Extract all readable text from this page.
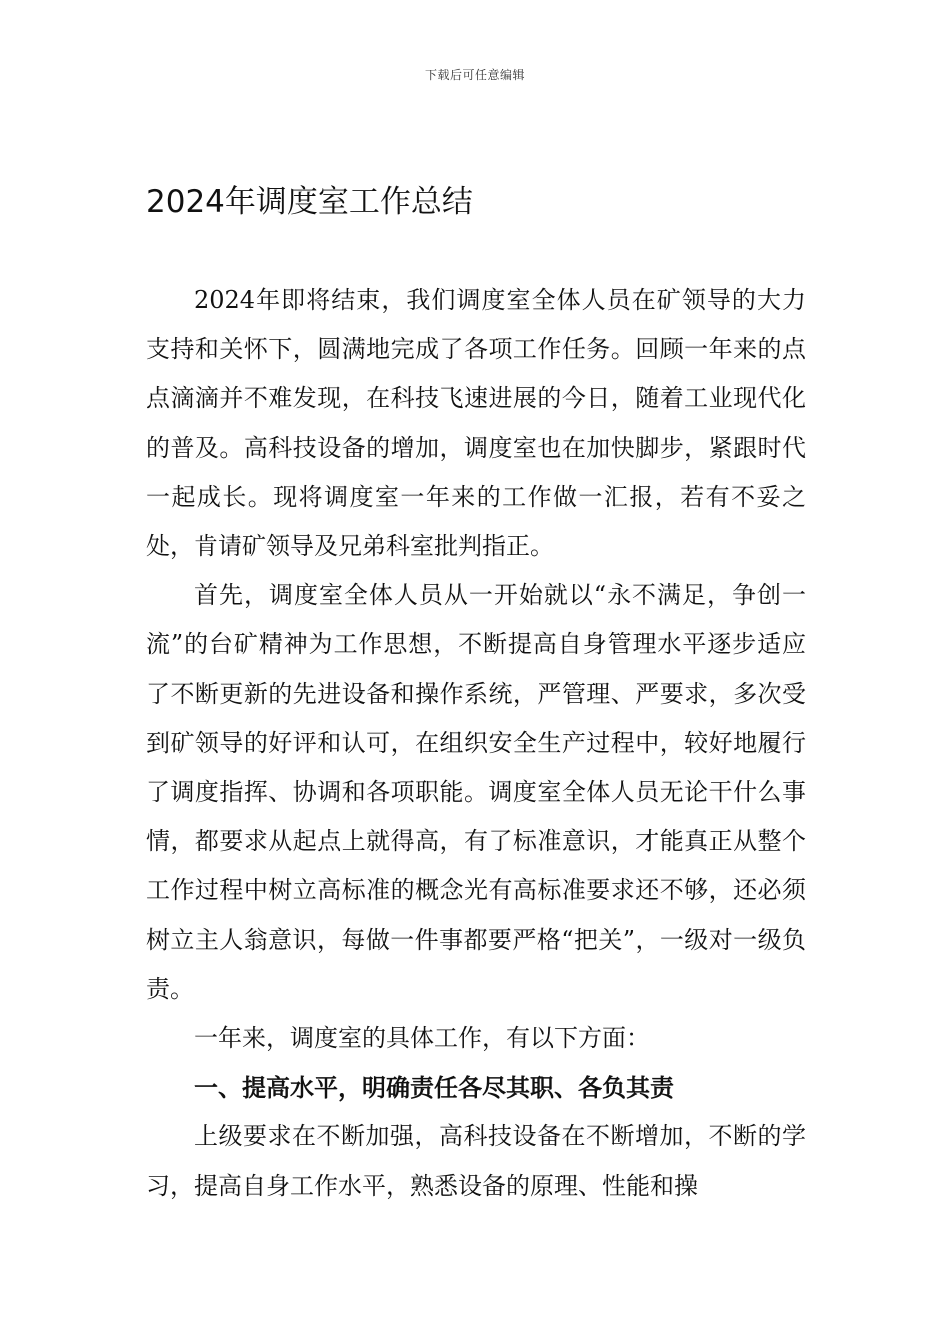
下载后可任意编辑
2024年调度室工作总结

2024年即将结束，我们调度室全体人员在矿领导的大力支持和关怀下，圆满地完成了各项工作任务。回顾一年来的点点滴滴并不难发现，在科技飞速进展的今日，随着工业现代化的普及。高科技设备的增加，调度室也在加快脚步，紧跟时代一起成长。现将调度室一年来的工作做一汇报，若有不妥之处，肯请矿领导及兄弟科室批判指正。

首先，调度室全体人员从一开始就以“永不满足，争创一流”的台矿精神为工作思想，不断提高自身管理水平逐步适应了不断更新的先进设备和操作系统，严管理、严要求，多次受到矿领导的好评和认可，在组织安全生产过程中，较好地履行了调度指挥、协调和各项职能。调度室全体人员无论干什么事情，都要求从起点上就得高，有了标准意识，才能真正从整个工作过程中树立高标准的概念光有高标准要求还不够，还必须树立主人翁意识，每做一件事都要严格“把关”，一级对一级负责。

一年来，调度室的具体工作，有以下方面：

一、提高水平，明确责任各尽其职、各负其责

上级要求在不断加强，高科技设备在不断增加，不断的学习，提高自身工作水平，熟悉设备的原理、性能和操
